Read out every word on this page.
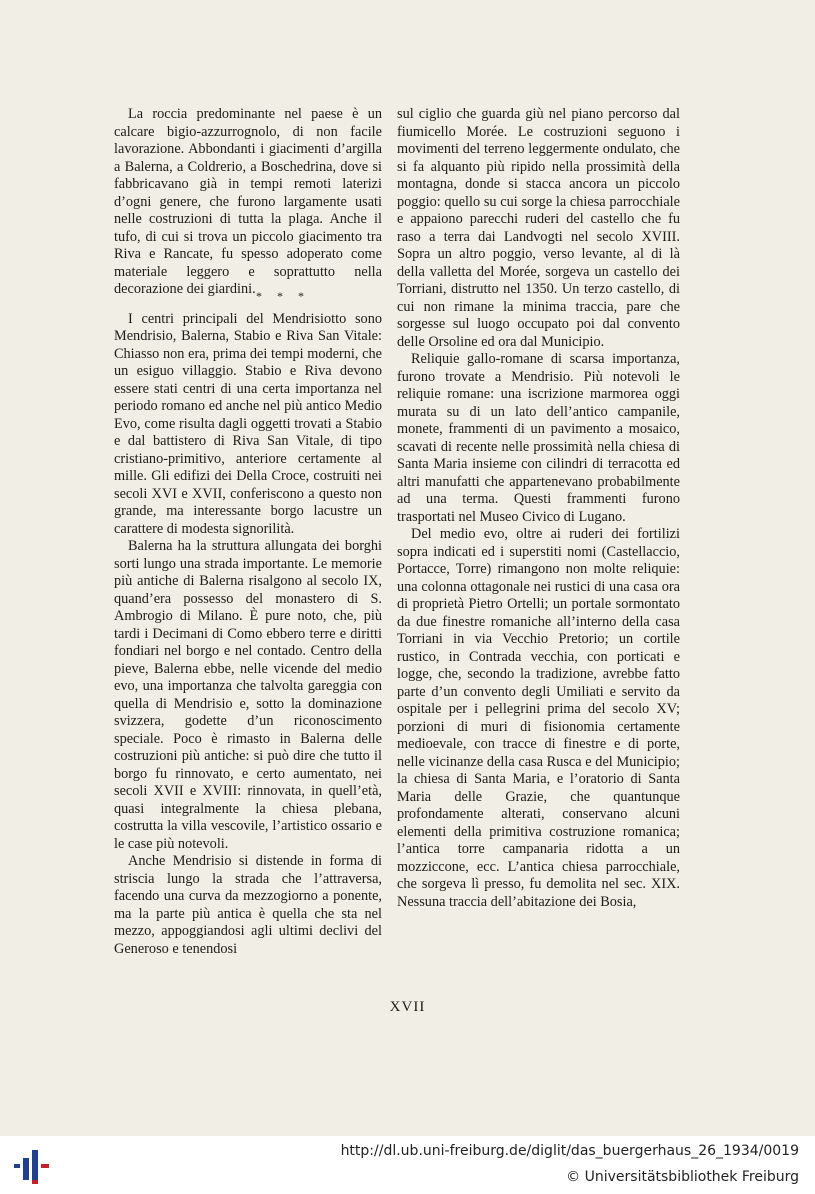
La roccia predominante nel paese è un calcare bigio-azzurrognolo, di non facile lavorazione. Abbondanti i giacimenti d’argilla a Balerna, a Coldrerio, a Boschedrina, dove si fabbricavano già in tempi remoti laterizi d’ogni genere, che furono largamente usati nelle costruzioni di tutta la plaga. Anche il tufo, di cui si trova un piccolo giacimento tra Riva e Rancate, fu spesso adoperato come materiale leggero e soprattutto nella decorazione dei giardini. * * *

I centri principali del Mendrisiotto sono Mendrisio, Balerna, Stabio e Riva San Vitale: Chiasso non era, prima dei tempi moderni, che un esiguo villaggio. Stabio e Riva devono essere stati centri di una certa importanza nel periodo romano ed anche nel più antico Medio Evo, come risulta dagli oggetti trovati a Stabio e dal battistero di Riva San Vitale, di tipo cristiano-primitivo, anteriore certamente al mille. Gli edifizi dei Della Croce, costruiti nei secoli XVI e XVII, conferiscono a questo non grande, ma interessante borgo lacustre un carattere di modesta signorilità.

Balerna ha la struttura allungata dei borghi sorti lungo una strada importante. Le memorie più antiche di Balerna risalgono al secolo IX, quand’era possesso del monastero di S. Ambrogio di Milano. È pure noto, che, più tardi i Decimani di Como ebbero terre e diritti fondiari nel borgo e nel contado. Centro della pieve, Balerna ebbe, nelle vicende del medio evo, una importanza che talvolta gareggia con quella di Mendrisio e, sotto la dominazione svizzera, godette d’un riconoscimento speciale. Poco è rimasto in Balerna delle costruzioni più antiche: si può dire che tutto il borgo fu rinnovato, e certo aumentato, nei secoli XVII e XVIII: rinnovata, in quell’età, quasi integralmente la chiesa plebana, costrutta la villa vescovile, l’artistico ossario e le case più notevoli.

Anche Mendrisio si distende in forma di striscia lungo la strada che l’attraversa, facendo una curva da mezzogiorno a ponente, ma la parte più antica è quella che sta nel mezzo, appoggiandosi agli ultimi declivi del Generoso e tenendosi

sul ciglio che guarda giù nel piano percorso dal fiumicello Morée. Le costruzioni seguono i movimenti del terreno leggermente ondulato, che si fa alquanto più ripido nella prossimità della montagna, donde si stacca ancora un piccolo poggio: quello su cui sorge la chiesa parrocchiale e appaiono parecchi ruderi del castello che fu raso a terra dai Landvogti nel secolo XVIII. Sopra un altro poggio, verso levante, al di là della valletta del Morée, sorgeva un castello dei Torriani, distrutto nel 1350. Un terzo castello, di cui non rimane la minima traccia, pare che sorgesse sul luogo occupato poi dal convento delle Orsoline ed ora dal Municipio.

Reliquie gallo-romane di scarsa importanza, furono trovate a Mendrisio. Più notevoli le reliquie romane: una iscrizione marmorea oggi murata su di un lato dell’antico campanile, monete, frammenti di un pavimento a mosaico, scavati di recente nelle prossimità nella chiesa di Santa Maria insieme con cilindri di terracotta ed altri manufatti che appartenevano probabilmente ad una terma. Questi frammenti furono trasportati nel Museo Civico di Lugano.

Del medio evo, oltre ai ruderi dei fortilizi sopra indicati ed i superstiti nomi (Castellaccio, Portacce, Torre) rimangono non molte reliquie: una colonna ottagonale nei rustici di una casa ora di proprietà Pietro Ortelli; un portale sormontato da due finestre romaniche all’interno della casa Torriani in via Vecchio Pretorio; un cortile rustico, in Contrada vecchia, con porticati e logge, che, secondo la tradizione, avrebbe fatto parte d’un convento degli Umiliati e servito da ospitale per i pellegrini prima del secolo XV; porzioni di muri di fisionomia certamente medioevale, con tracce di finestre e di porte, nelle vicinanze della casa Rusca e del Municipio; la chiesa di Santa Maria, e l’oratorio di Santa Maria delle Grazie, che quantunque profondamente alterati, conservano alcuni elementi della primitiva costruzione romanica; l’antica torre campanaria ridotta a un mozziccone, ecc. L’antica chiesa parrocchiale, che sorgeva lì presso, fu demolita nel sec. XIX. Nessuna traccia dell’abitazione dei Bosia,

XVII
http://dl.ub.uni-freiburg.de/diglit/das_buergerhaus_26_1934/0019
© Universitätsbibliothek Freiburg
